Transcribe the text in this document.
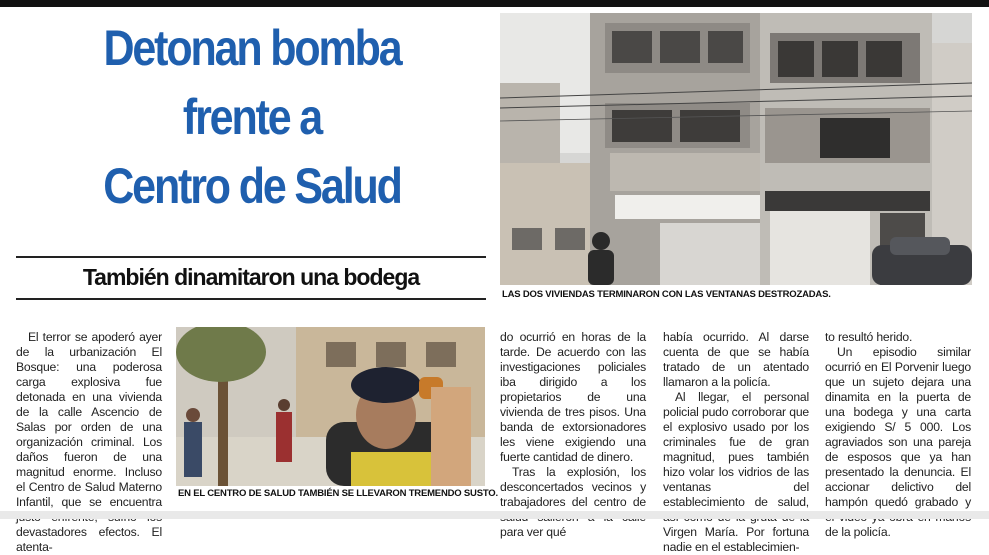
Detonan bomba
frente a
Centro de Salud
También dinamitaron una bodega
LAS DOS VIVIENDAS TERMINARON CON LAS VENTANAS DESTROZADAS.
EN EL CENTRO DE SALUD TAMBIÉN SE LLEVARON TREMENDO SUSTO.

El terror se apoderó ayer de la urbanización El Bosque: una poderosa carga explosiva fue detonada en una vivienda de la calle Ascencio de Salas por orden de una organización criminal. Los daños fueron de una magnitud enorme. Incluso el Centro de Salud Materno Infantil, que se encuentra devastadores efectos. El atenta-

do ocurrió en horas de la tarde. De acuerdo con las investigaciones policiales iba dirigido a los propietarios de una vivienda de tres pisos. Una banda de extorsionadores les viene exigiendo una fuerte cantidad de dinero.

Tras la explosión, los desconcertados vecinos y trabajadores del centro de para ver qué

había ocurrido. Al darse cuenta de que se había tratado de un atentado llamaron a la policía.

Al llegar, el personal policial pudo corroborar que el explosivo usado por los criminales fue de gran magnitud, pues también hizo volar los vidrios de las ventanas del establecimiento de salud, Virgen María. Por fortuna nadie en el establecimien-

to resultó herido.

Un episodio similar ocurrió en El Porvenir luego que un sujeto dejara una dinamita en la puerta de una bodega y una carta exigiendo S/ 5 000. Los agraviados son una pareja de esposos que ya han presentado la denuncia. El accionar delictivo del hampón quedó grabado y de la policía.
